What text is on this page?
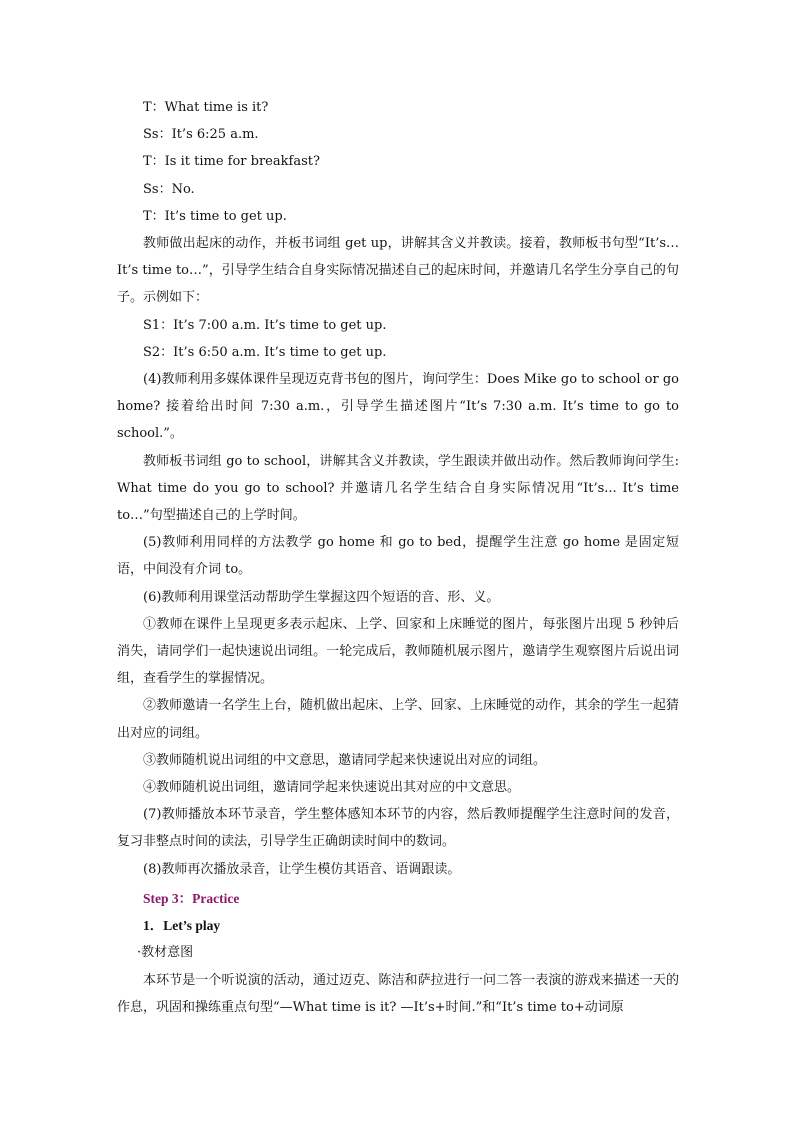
T：What time is it?

Ss：It’s 6:25 a.m.

T：Is it time for breakfast?

Ss：No.

T：It’s time to get up.

教师做出起床的动作，并板书词组 get up，讲解其含义并教读。接着，教师板书句型“It’s…It’s time to…”，引导学生结合自身实际情况描述自己的起床时间，并邀请几名学生分享自己的句子。示例如下：

S1：It’s 7:00 a.m. It’s time to get up.

S2：It’s 6:50 a.m. It’s time to get up.

(4)教师利用多媒体课件呈现迈克背书包的图片，询问学生：Does Mike go to school or go home? 接着给出时间 7:30 a.m.，引导学生描述图片“It’s 7:30 a.m. It’s time to go to school.”。

教师板书词组 go to school，讲解其含义并教读，学生跟读并做出动作。然后教师询问学生: What time do you go to school? 并邀请几名学生结合自身实际情况用“It’s... It’s time to…”句型描述自己的上学时间。

(5)教师利用同样的方法教学 go home 和 go to bed，提醒学生注意 go home 是固定短语，中间没有介词 to。

(6)教师利用课堂活动帮助学生掌握这四个短语的音、形、义。

①教师在课件上呈现更多表示起床、上学、回家和上床睡觉的图片，每张图片出现 5 秒钟后消失，请同学们一起快速说出词组。一轮完成后，教师随机展示图片，邀请学生观察图片后说出词组，查看学生的掌握情况。

②教师邀请一名学生上台，随机做出起床、上学、回家、上床睡觉的动作，其余的学生一起猜出对应的词组。

③教师随机说出词组的中文意思，邀请同学起来快速说出对应的词组。

④教师随机说出词组，邀请同学起来快速说出其对应的中文意思。

(7)教师播放本环节录音，学生整体感知本环节的内容，然后教师提醒学生注意时间的发音，复习非整点时间的读法，引导学生正确朗读时间中的数词。

(8)教师再次播放录音，让学生模仿其语音、语调跟读。

Step 3：Practice

1．Let’s play

·教材意图

本环节是一个听说演的活动，通过迈克、陈洁和萨拉进行一问二答一表演的游戏来描述一天的作息，巩固和操练重点句型“—What time is it? —It’s+时间.”和“It’s time to+动词原
